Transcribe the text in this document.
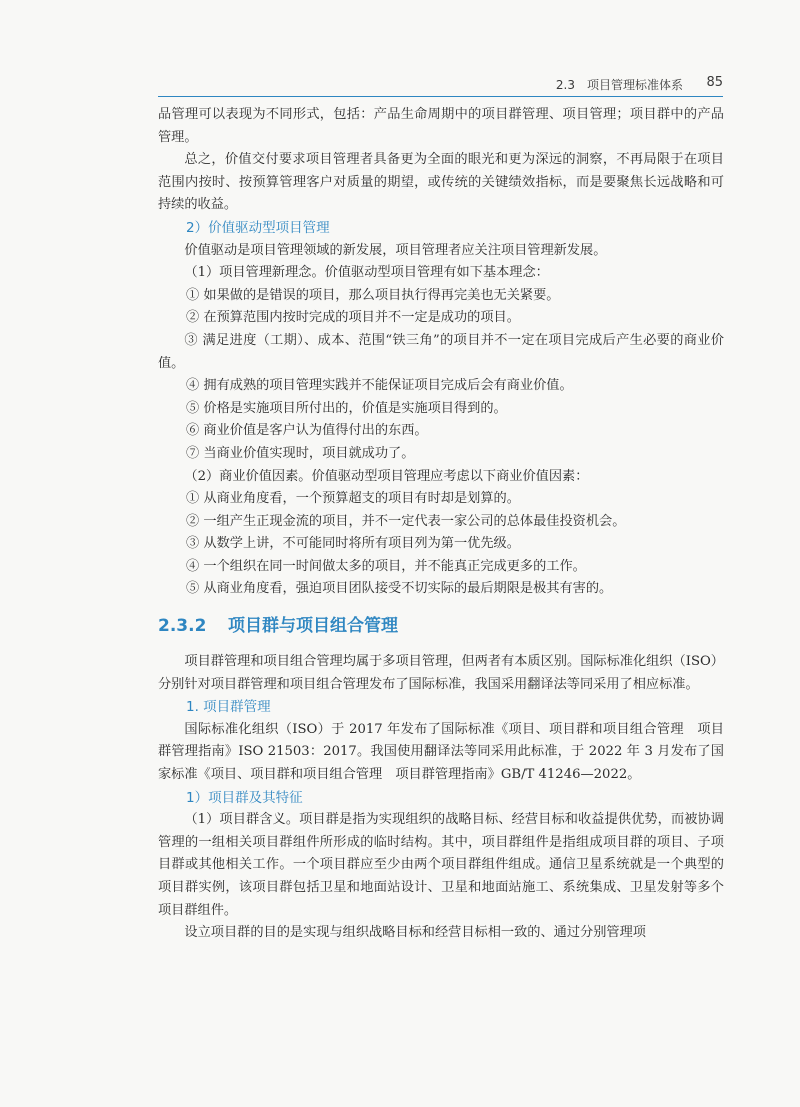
2.3　项目管理标准体系 85

品管理可以表现为不同形式，包括：产品生命周期中的项目群管理、项目管理；项目群中的产品管理。

总之，价值交付要求项目管理者具备更为全面的眼光和更为深远的洞察，不再局限于在项目范围内按时、按预算管理客户对质量的期望，或传统的关键绩效指标，而是要聚焦长远战略和可持续的收益。

2）价值驱动型项目管理

价值驱动是项目管理领域的新发展，项目管理者应关注项目管理新发展。

（1）项目管理新理念。价值驱动型项目管理有如下基本理念：

① 如果做的是错误的项目，那么项目执行得再完美也无关紧要。

② 在预算范围内按时完成的项目并不一定是成功的项目。

③ 满足进度（工期）、成本、范围“铁三角”的项目并不一定在项目完成后产生必要的商业价值。

④ 拥有成熟的项目管理实践并不能保证项目完成后会有商业价值。

⑤ 价格是实施项目所付出的，价值是实施项目得到的。

⑥ 商业价值是客户认为值得付出的东西。

⑦ 当商业价值实现时，项目就成功了。

（2）商业价值因素。价值驱动型项目管理应考虑以下商业价值因素：

① 从商业角度看，一个预算超支的项目有时却是划算的。

② 一组产生正现金流的项目，并不一定代表一家公司的总体最佳投资机会。

③ 从数学上讲，不可能同时将所有项目列为第一优先级。

④ 一个组织在同一时间做太多的项目，并不能真正完成更多的工作。

⑤ 从商业角度看，强迫项目团队接受不切实际的最后期限是极其有害的。

2.3.2 项目群与项目组合管理

项目群管理和项目组合管理均属于多项目管理，但两者有本质区别。国际标准化组织（ISO）分别针对项目群管理和项目组合管理发布了国际标准，我国采用翻译法等同采用了相应标准。

1. 项目群管理

国际标准化组织（ISO）于 2017 年发布了国际标准《项目、项目群和项目组合管理　项目群管理指南》ISO 21503：2017。我国使用翻译法等同采用此标准，于 2022 年 3 月发布了国家标准《项目、项目群和项目组合管理　项目群管理指南》GB/T 41246—2022。

1）项目群及其特征

（1）项目群含义。项目群是指为实现组织的战略目标、经营目标和收益提供优势，而被协调管理的一组相关项目群组件所形成的临时结构。其中，项目群组件是指组成项目群的项目、子项目群或其他相关工作。一个项目群应至少由两个项目群组件组成。通信卫星系统就是一个典型的项目群实例，该项目群包括卫星和地面站设计、卫星和地面站施工、系统集成、卫星发射等多个项目群组件。

设立项目群的目的是实现与组织战略目标和经营目标相一致的、通过分别管理项
